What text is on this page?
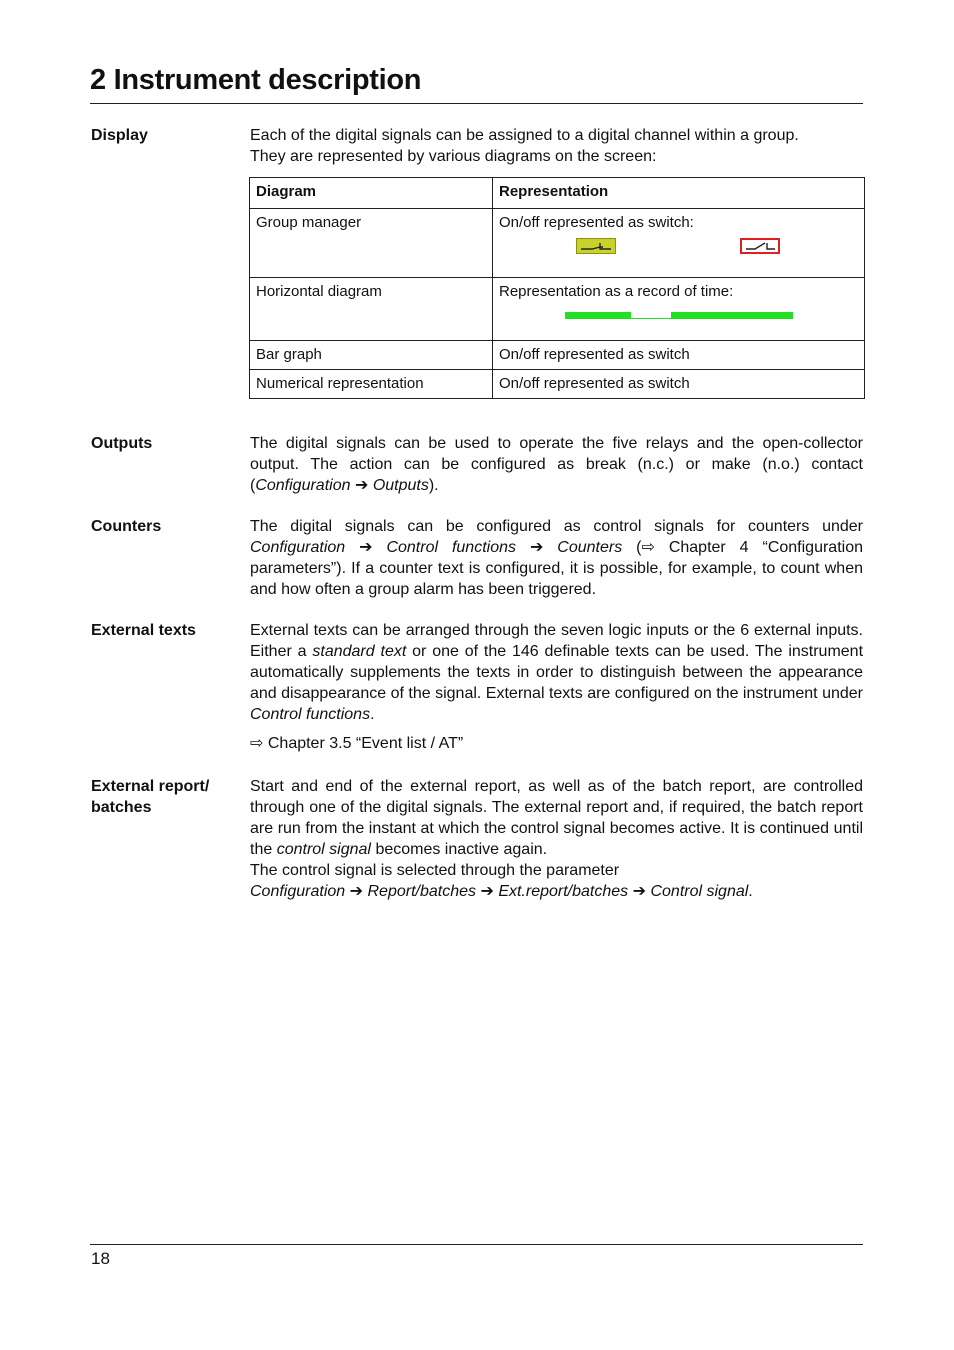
2 Instrument description
Display	Each of the digital signals can be assigned to a digital channel within a group.
They are represented by various diagrams on the screen:

Diagram	Representation
Group manager	On/off represented as switch:

Horizontal diagram	Representation as a record of time:

Bar graph	On/off represented as switch
Numerical representation	On/off represented as switch
Outputs	The digital signals can be used to operate the five relays and the open-collector output. The action can be configured as break (n.c.) or make (n.o.) contact (Configuration ➔ Outputs).

Counters	The digital signals can be configured as control signals for counters under Configuration ➔ Control functions ➔ Counters (⇨ Chapter 4 “Configuration parameters”). If a counter text is configured, it is possible, for example, to count when and how often a group alarm has been triggered.

External texts	External texts can be arranged through the seven logic inputs or the 6 external inputs. Either a standard text or one of the 146 definable texts can be used. The instrument automatically supplements the texts in order to distinguish between the appearance and disappearance of the signal. External texts are configured on the instrument under Control functions.

⇨ Chapter 3.5 “Event list / AT”

External report/
batches

Start and end of the external report, as well as of the batch report, are controlled through one of the digital signals. The external report and, if required, the batch report are run from the instant at which the control signal becomes active. It is continued until the control signal becomes inactive again.

The control signal is selected through the parameter
Configuration ➔ Report/batches ➔ Ext.report/batches ➔ Control signal.

18
